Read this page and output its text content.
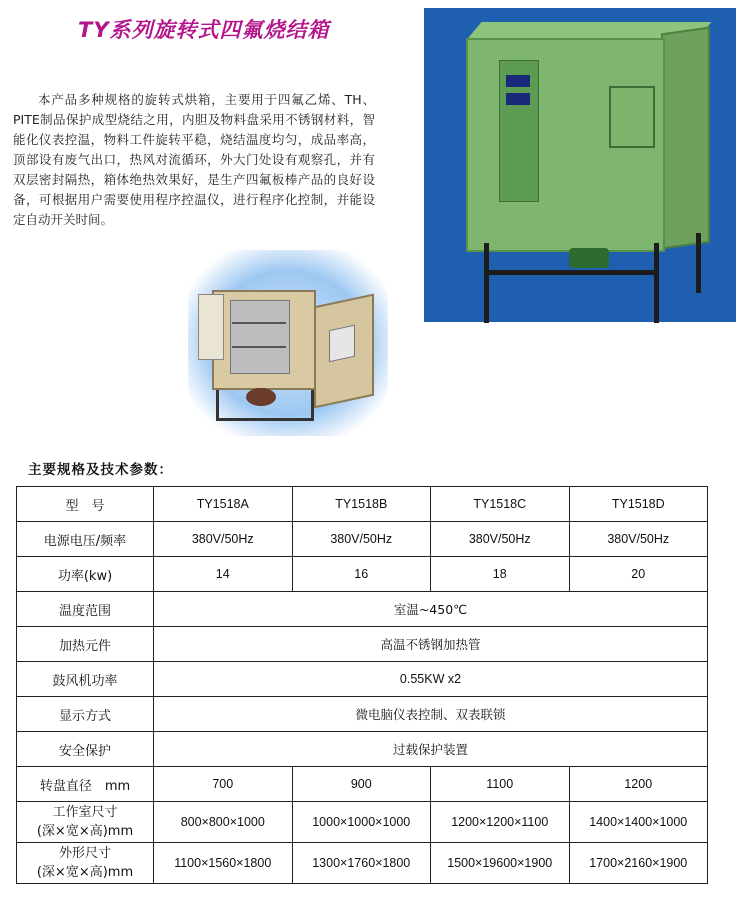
TY系列旋转式四氟烧结箱
本产品多种规格的旋转式烘箱，主要用于四氟乙烯、TH、PITE制品保护成型烧结之用，内胆及物料盘采用不锈钢材料，智能化仪表控温，物料工件旋转平稳，烧结温度均匀，成品率高，顶部设有废气出口，热风对流循环，外大门处设有观察孔，并有双层密封隔热，箱体绝热效果好，是生产四氟板棒产品的良好设备，可根据用户需要使用程序控温仪，进行程序化控制，并能设定自动开关时间。
主要规格及技术参数：
型　号	TY1518A	TY1518B	TY1518C	TY1518D
电源电压/频率	380V/50Hz	380V/50Hz	380V/50Hz	380V/50Hz
功率(kw)	14	16	18	20
温度范围	室温~450℃			
加热元件	高温不锈钢加热管			
鼓风机功率	0.55KW x2			
显示方式	微电脑仪表控制、双表联锁			
安全保护	过载保护装置			
转盘直径　mm	700	900	1100	1200

工作室尺寸
(深×宽×高)mm	800×800×1000	1000×1000×1000	1200×1200×1100	1400×1400×1000

外形尺寸
(深×宽×高)mm	1100×1560×1800	1300×1760×1800	1500×19600×1900	1700×2160×1900
